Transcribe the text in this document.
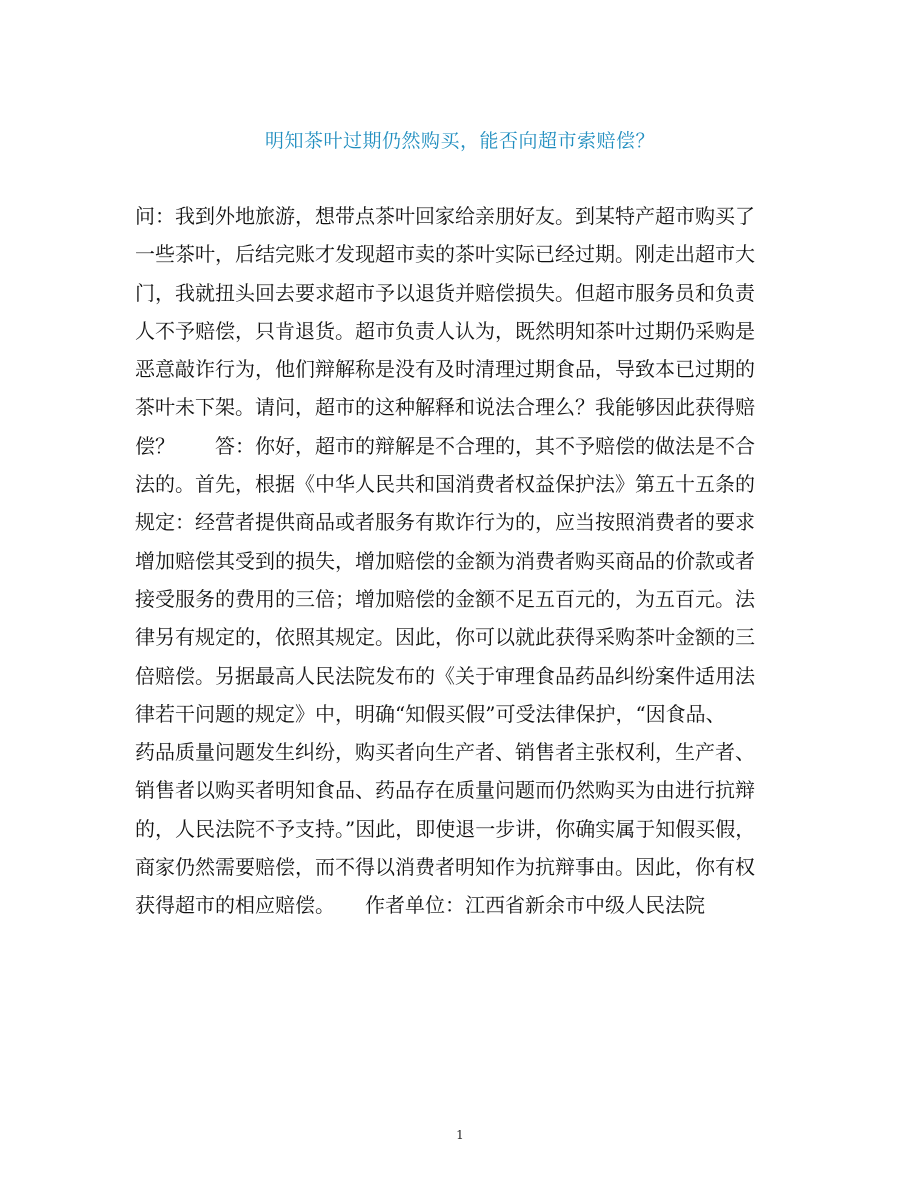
明知茶叶过期仍然购买，能否向超市索赔偿？
问：我到外地旅游，想带点茶叶回家给亲朋好友。到某特产超市购买了
一些茶叶，后结完账才发现超市卖的茶叶实际已经过期。刚走出超市大
门，我就扭头回去要求超市予以退货并赔偿损失。但超市服务员和负责
人不予赔偿，只肯退货。超市负责人认为，既然明知茶叶过期仍采购是
恶意敲诈行为，他们辩解称是没有及时清理过期食品，导致本已过期的
茶叶未下架。请问，超市的这种解释和说法合理么？我能够因此获得赔
偿？　　答：你好，超市的辩解是不合理的，其不予赔偿的做法是不合
法的。首先，根据《中华人民共和国消费者权益保护法》第五十五条的
规定：经营者提供商品或者服务有欺诈行为的，应当按照消费者的要求
增加赔偿其受到的损失，增加赔偿的金额为消费者购买商品的价款或者
接受服务的费用的三倍；增加赔偿的金额不足五百元的，为五百元。法
律另有规定的，依照其规定。因此，你可以就此获得采购茶叶金额的三
倍赔偿。另据最高人民法院发布的《关于审理食品药品纠纷案件适用法
律若干问题的规定》中，明确“知假买假”可受法律保护，“因食品、
药品质量问题发生纠纷，购买者向生产者、销售者主张权利，生产者、
销售者以购买者明知食品、药品存在质量问题而仍然购买为由进行抗辩
的，人民法院不予支持。”因此，即使退一步讲，你确实属于知假买假，
商家仍然需要赔偿，而不得以消费者明知作为抗辩事由。因此，你有权
获得超市的相应赔偿。　　作者单位：江西省新余市中级人民法院
1
